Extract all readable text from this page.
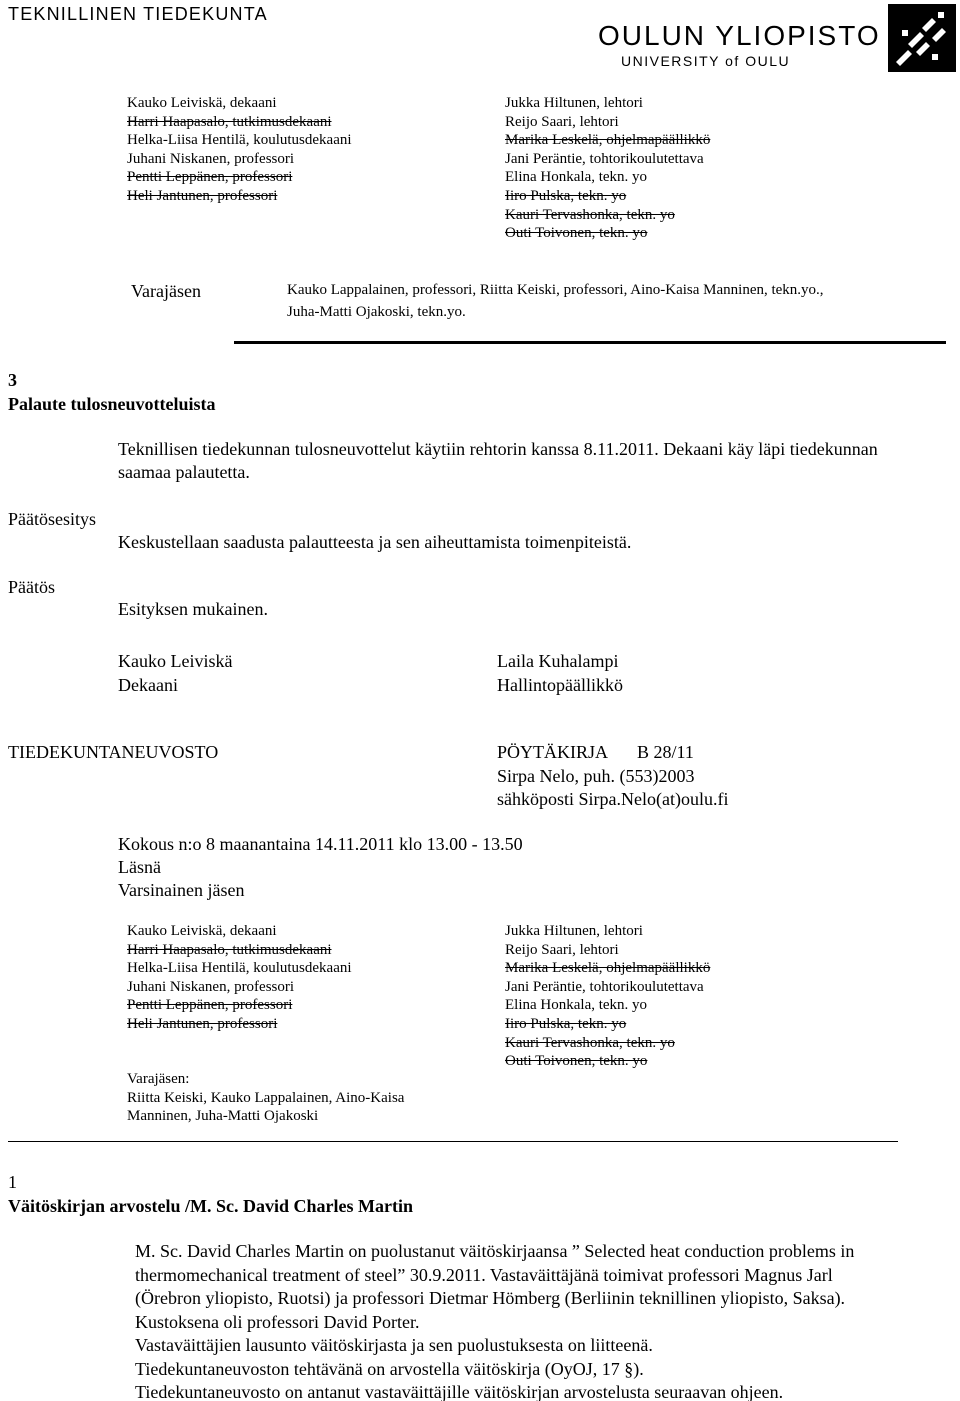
TEKNILLINEN TIEDEKUNTA
OULUN YLIOPISTO
UNIVERSITY of OULU
Kauko Leiviskä, dekaani
Harri Haapasalo, tutkimusdekaani
Helka-Liisa Hentilä, koulutusdekaani
Juhani Niskanen, professori
Pentti Leppänen, professori
Heli Jantunen, professori
Jukka Hiltunen, lehtori
Reijo Saari, lehtori
Marika Leskelä, ohjelmapäällikkö
Jani Peräntie, tohtorikoulutettava
Elina Honkala, tekn. yo
Iiro Pulska, tekn. yo
Kauri Tervashonka, tekn. yo
Outi Toivonen, tekn. yo
Varajäsen	Kauko Lappalainen, professori, Riitta Keiski, professori, Aino-Kaisa Manninen, tekn.yo.,
Juha-Matti Ojakoski, tekn.yo.
3
Palaute tulosneuvotteluista
Teknillisen tiedekunnan tulosneuvottelut käytiin rehtorin kanssa 8.11.2011. Dekaani käy läpi tiedekunnan
saamaa palautetta.
Päätösesitys
Keskustellaan saadusta palautteesta ja sen aiheuttamista toimenpiteistä.
Päätös
Esityksen mukainen.
Kauko Leiviskä
Dekaani
Laila Kuhalampi
Hallintopäällikkö
TIEDEKUNTANEUVOSTO	PÖYTÄKIRJA B 28/11
Sirpa Nelo, puh. (553)2003
sähköposti Sirpa.Nelo(at)oulu.fi
Kokous n:o 8 maanantaina 14.11.2011 klo 13.00 - 13.50
Läsnä
Varsinainen jäsen
Kauko Leiviskä, dekaani
Harri Haapasalo, tutkimusdekaani
Helka-Liisa Hentilä, koulutusdekaani
Juhani Niskanen, professori
Pentti Leppänen, professori
Heli Jantunen, professori
Jukka Hiltunen, lehtori
Reijo Saari, lehtori
Marika Leskelä, ohjelmapäällikkö
Jani Peräntie, tohtorikoulutettava
Elina Honkala, tekn. yo
Iiro Pulska, tekn. yo
Kauri Tervashonka, tekn. yo
Outi Toivonen, tekn. yo
Varajäsen:
Riitta Keiski, Kauko Lappalainen, Aino-Kaisa
Manninen, Juha-Matti Ojakoski
1
Väitöskirjan arvostelu /M. Sc. David Charles Martin
M. Sc. David Charles Martin on puolustanut väitöskirjaansa ” Selected heat conduction problems in
thermomechanical treatment of steel” 30.9.2011. Vastaväittäjänä toimivat professori Magnus Jarl
(Örebron yliopisto, Ruotsi) ja professori Dietmar Hömberg (Berliinin teknillinen yliopisto, Saksa).
Kustoksena oli professori David Porter.
Vastaväittäjien lausunto väitöskirjasta ja sen puolustuksesta on liitteenä.
Tiedekuntaneuvoston tehtävänä on arvostella väitöskirja (OyOJ, 17 §).
Tiedekuntaneuvosto on antanut vastaväittäjille väitöskirjan arvostelusta seuraavan ohjeen.
